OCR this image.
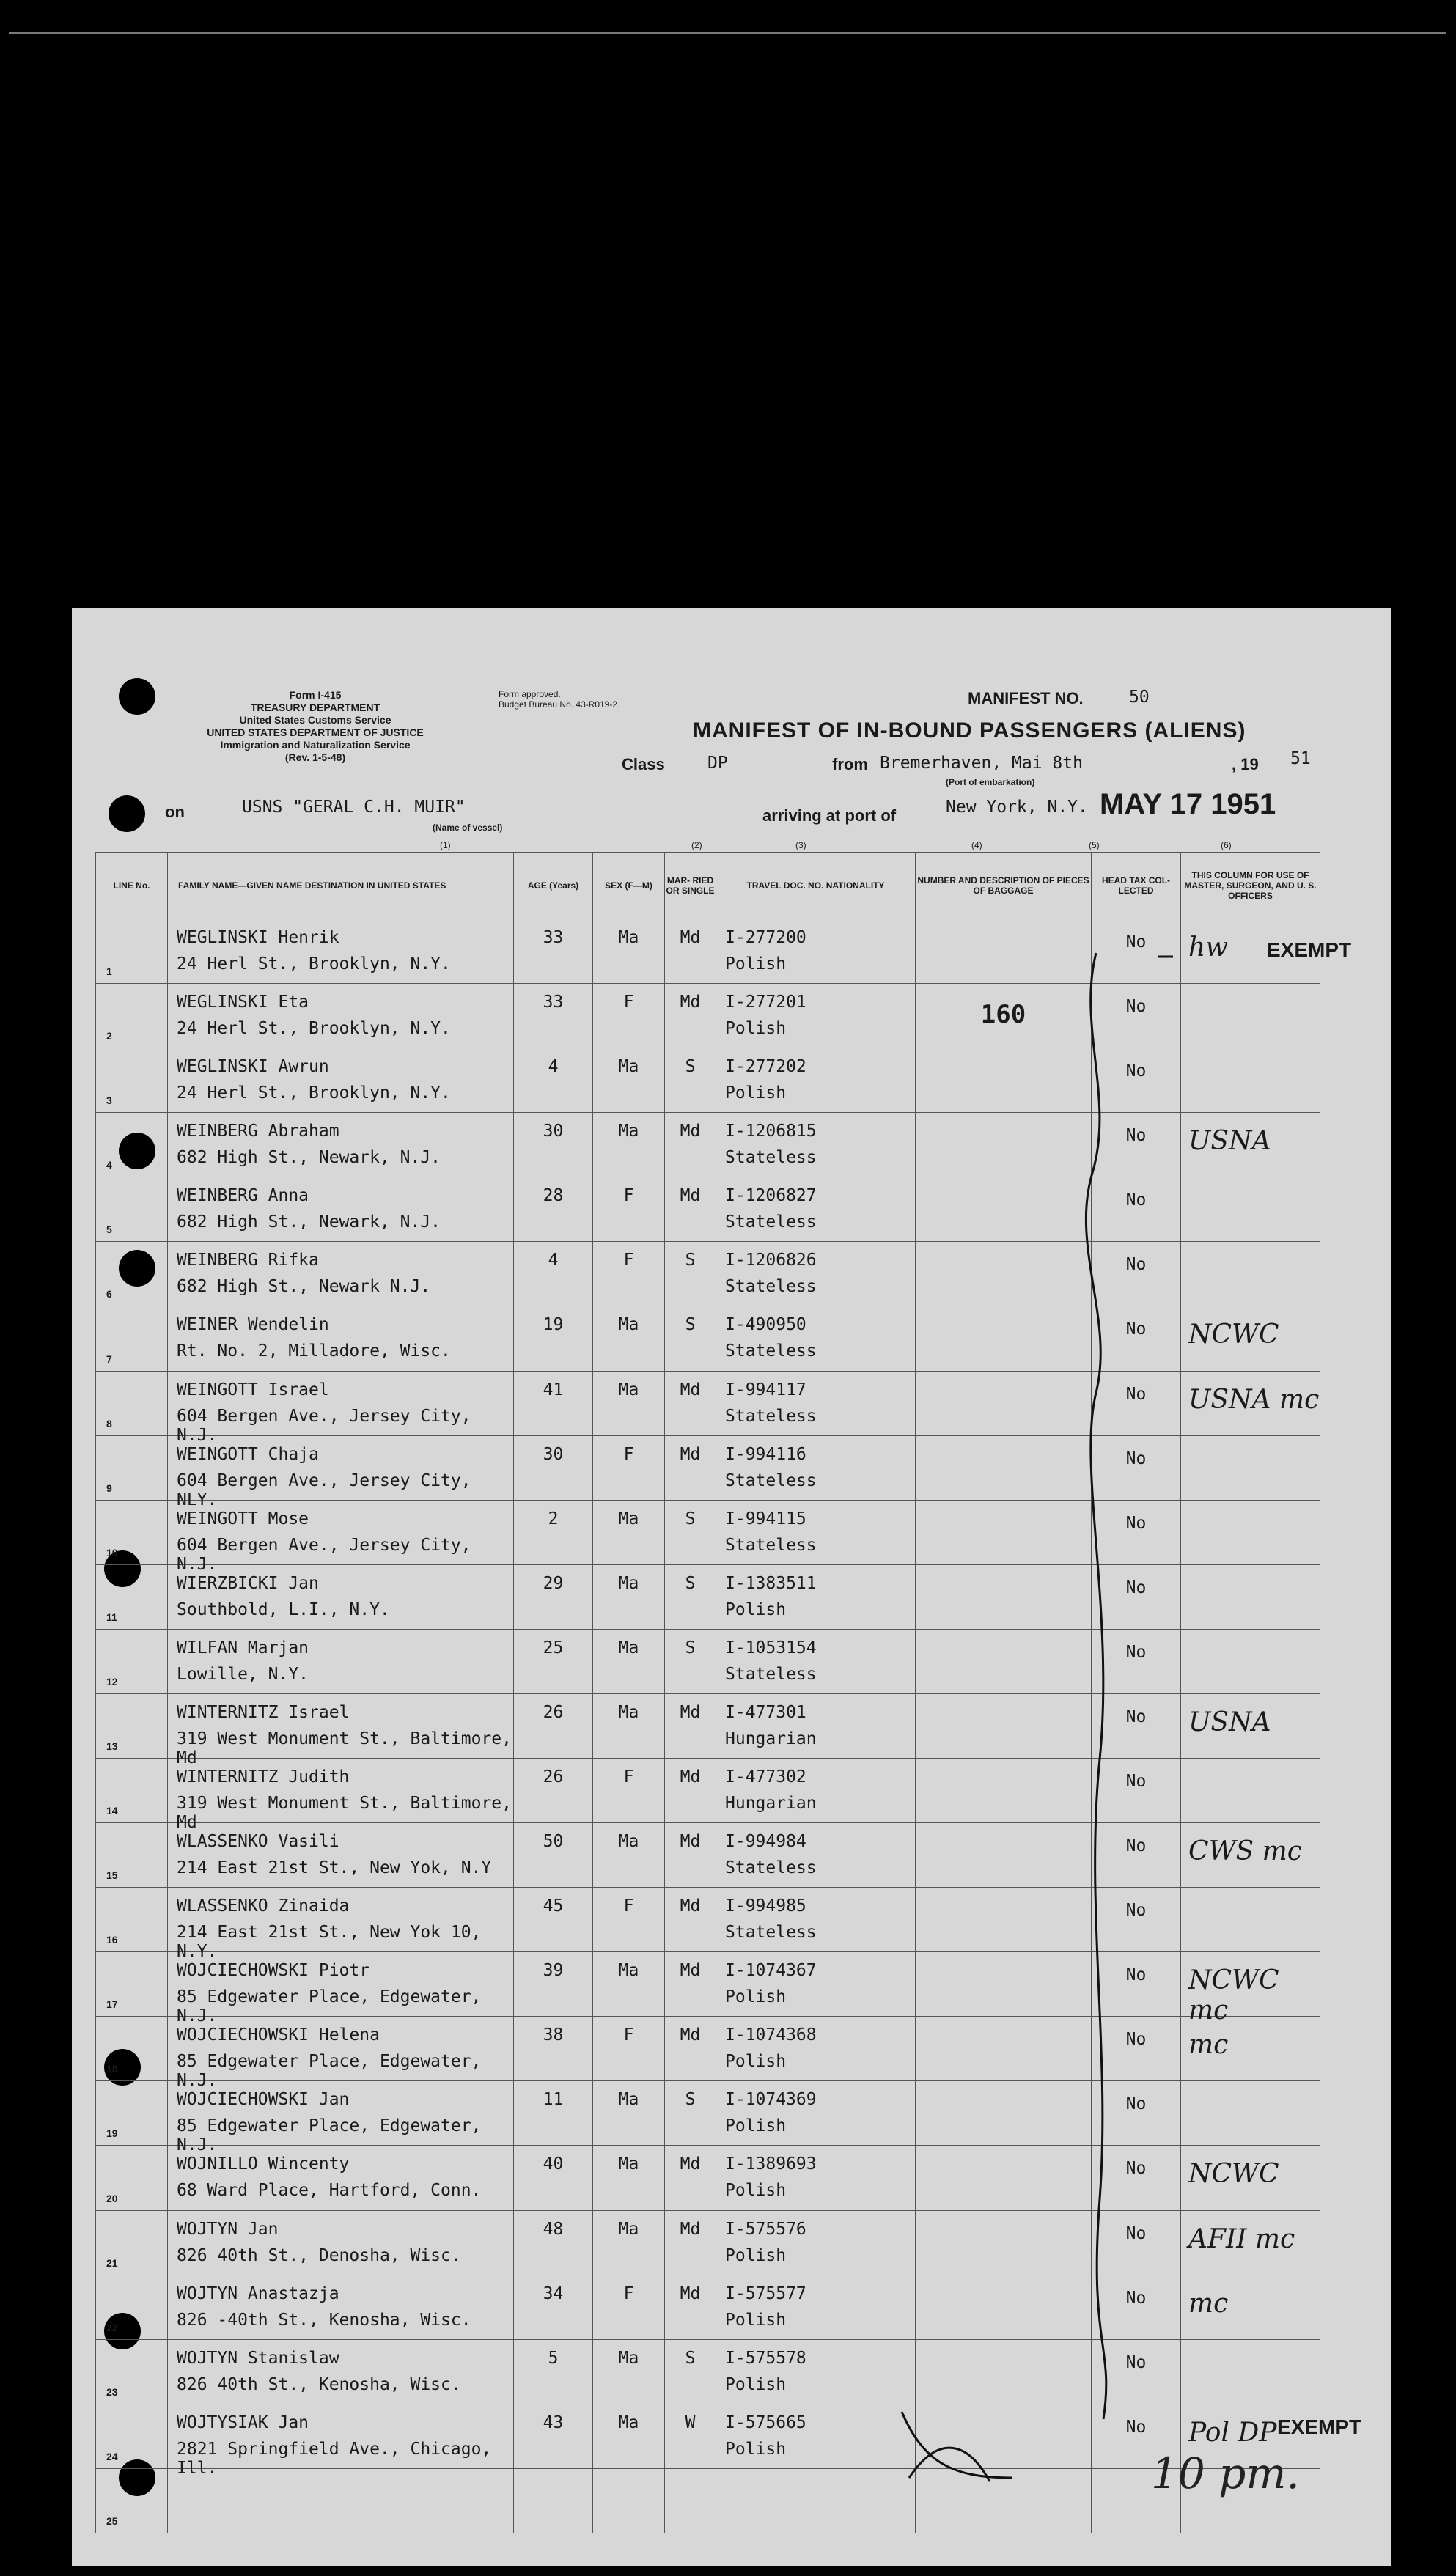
Form I-415
TREASURY DEPARTMENT
United States Customs Service
UNITED STATES DEPARTMENT OF JUSTICE
Immigration and Naturalization Service
(Rev. 1-5-48)
Form approved.
Budget Bureau No. 43-R019-2.	MANIFEST NO.	50
MANIFEST OF IN-BOUND PASSENGERS (ALIENS)
Class	DP	from Bremerhaven, Mai 8th
(Port of embarkation)
, 19 51
on	USNS "GERAL C.H. MUIR"
(Name of vessel)
arriving at port of	New York, N.Y. MAY 17 1951
(1)	(2)	(3)	(4)	(5)	(6)
LINE No.	FAMILY NAME—GIVEN NAME DESTINATION IN UNITED STATES	AGE (Years)	SEX (F—M)	MAR- RIED OR SINGLE	TRAVEL DOC. NO. NATIONALITY	NUMBER AND DESCRIPTION OF PIECES OF BAGGAGE	HEAD TAX COL- LECTED	THIS COLUMN FOR USE OF MASTER, SURGEON, AND U. S. OFFICERS

1	WEGLINSKI Henrik
24 Herl St., Brooklyn, N.Y.	33	Ma	Md	I-277200
Polish		No	hw

2	WEGLINSKI Eta
24 Herl St., Brooklyn, N.Y.	33	F	Md	I-277201
Polish	160	No	

3	WEGLINSKI Awrun
24 Herl St., Brooklyn, N.Y.	4	Ma	S	I-277202
Polish		No	

4	WEINBERG Abraham
682 High St., Newark, N.J.	30	Ma	Md	I-1206815
Stateless		No	USNA

5	WEINBERG Anna
682 High St., Newark, N.J.	28	F	Md	I-1206827
Stateless		No	

6	WEINBERG Rifka
682 High St., Newark N.J.	4	F	S	I-1206826
Stateless		No	

7	WEINER Wendelin
Rt. No. 2, Milladore, Wisc.	19	Ma	S	I-490950
Stateless		No	NCWC

8	WEINGOTT Israel
604 Bergen Ave., Jersey City, N.J.	41	Ma	Md	I-994117
Stateless		No	USNA mc

9	WEINGOTT Chaja
604 Bergen Ave., Jersey City, NLY.	30	F	Md	I-994116
Stateless		No	

10	WEINGOTT Mose
604 Bergen Ave., Jersey City, N.J.	2	Ma	S	I-994115
Stateless		No	

11	WIERZBICKI Jan
Southbold, L.I., N.Y.	29	Ma	S	I-1383511
Polish		No	

12	WILFAN Marjan
Lowille, N.Y.	25	Ma	S	I-1053154
Stateless		No	

13	WINTERNITZ Israel
319 West Monument St., Baltimore, Md	26	Ma	Md	I-477301
Hungarian		No	USNA

14	WINTERNITZ Judith
319 West Monument St., Baltimore, Md	26	F	Md	I-477302
Hungarian		No	

15	WLASSENKO Vasili
214 East 21st St., New Yok, N.Y	50	Ma	Md	I-994984
Stateless		No	CWS mc

16	WLASSENKO Zinaida
214 East 21st St., New Yok 10, N.Y.	45	F	Md	I-994985
Stateless		No	

17	WOJCIECHOWSKI Piotr
85 Edgewater Place, Edgewater, N.J.	39	Ma	Md	I-1074367
Polish		No	NCWC mc

18	WOJCIECHOWSKI Helena
85 Edgewater Place, Edgewater, N.J.	38	F	Md	I-1074368
Polish		No	mc

19	WOJCIECHOWSKI Jan
85 Edgewater Place, Edgewater, N.J.	11	Ma	S	I-1074369
Polish		No	

20	WOJNILLO Wincenty
68 Ward Place, Hartford, Conn.	40	Ma	Md	I-1389693
Polish		No	NCWC

21	WOJTYN Jan
826 40th St., Denosha, Wisc.	48	Ma	Md	I-575576
Polish		No	AFII mc

22	WOJTYN Anastazja
826 -40th St., Kenosha, Wisc.	34	F	Md	I-575577
Polish		No	mc

23	WOJTYN Stanislaw
826 40th St., Kenosha, Wisc.	5	Ma	S	I-575578
Polish		No	

24	WOJTYSIAK Jan
2821 Springfield Ave., Chicago, Ill.	43	Ma	W	I-575665
Polish		No	Pol DP

25								

EXEMPT
EXEMPT
10 pm.
